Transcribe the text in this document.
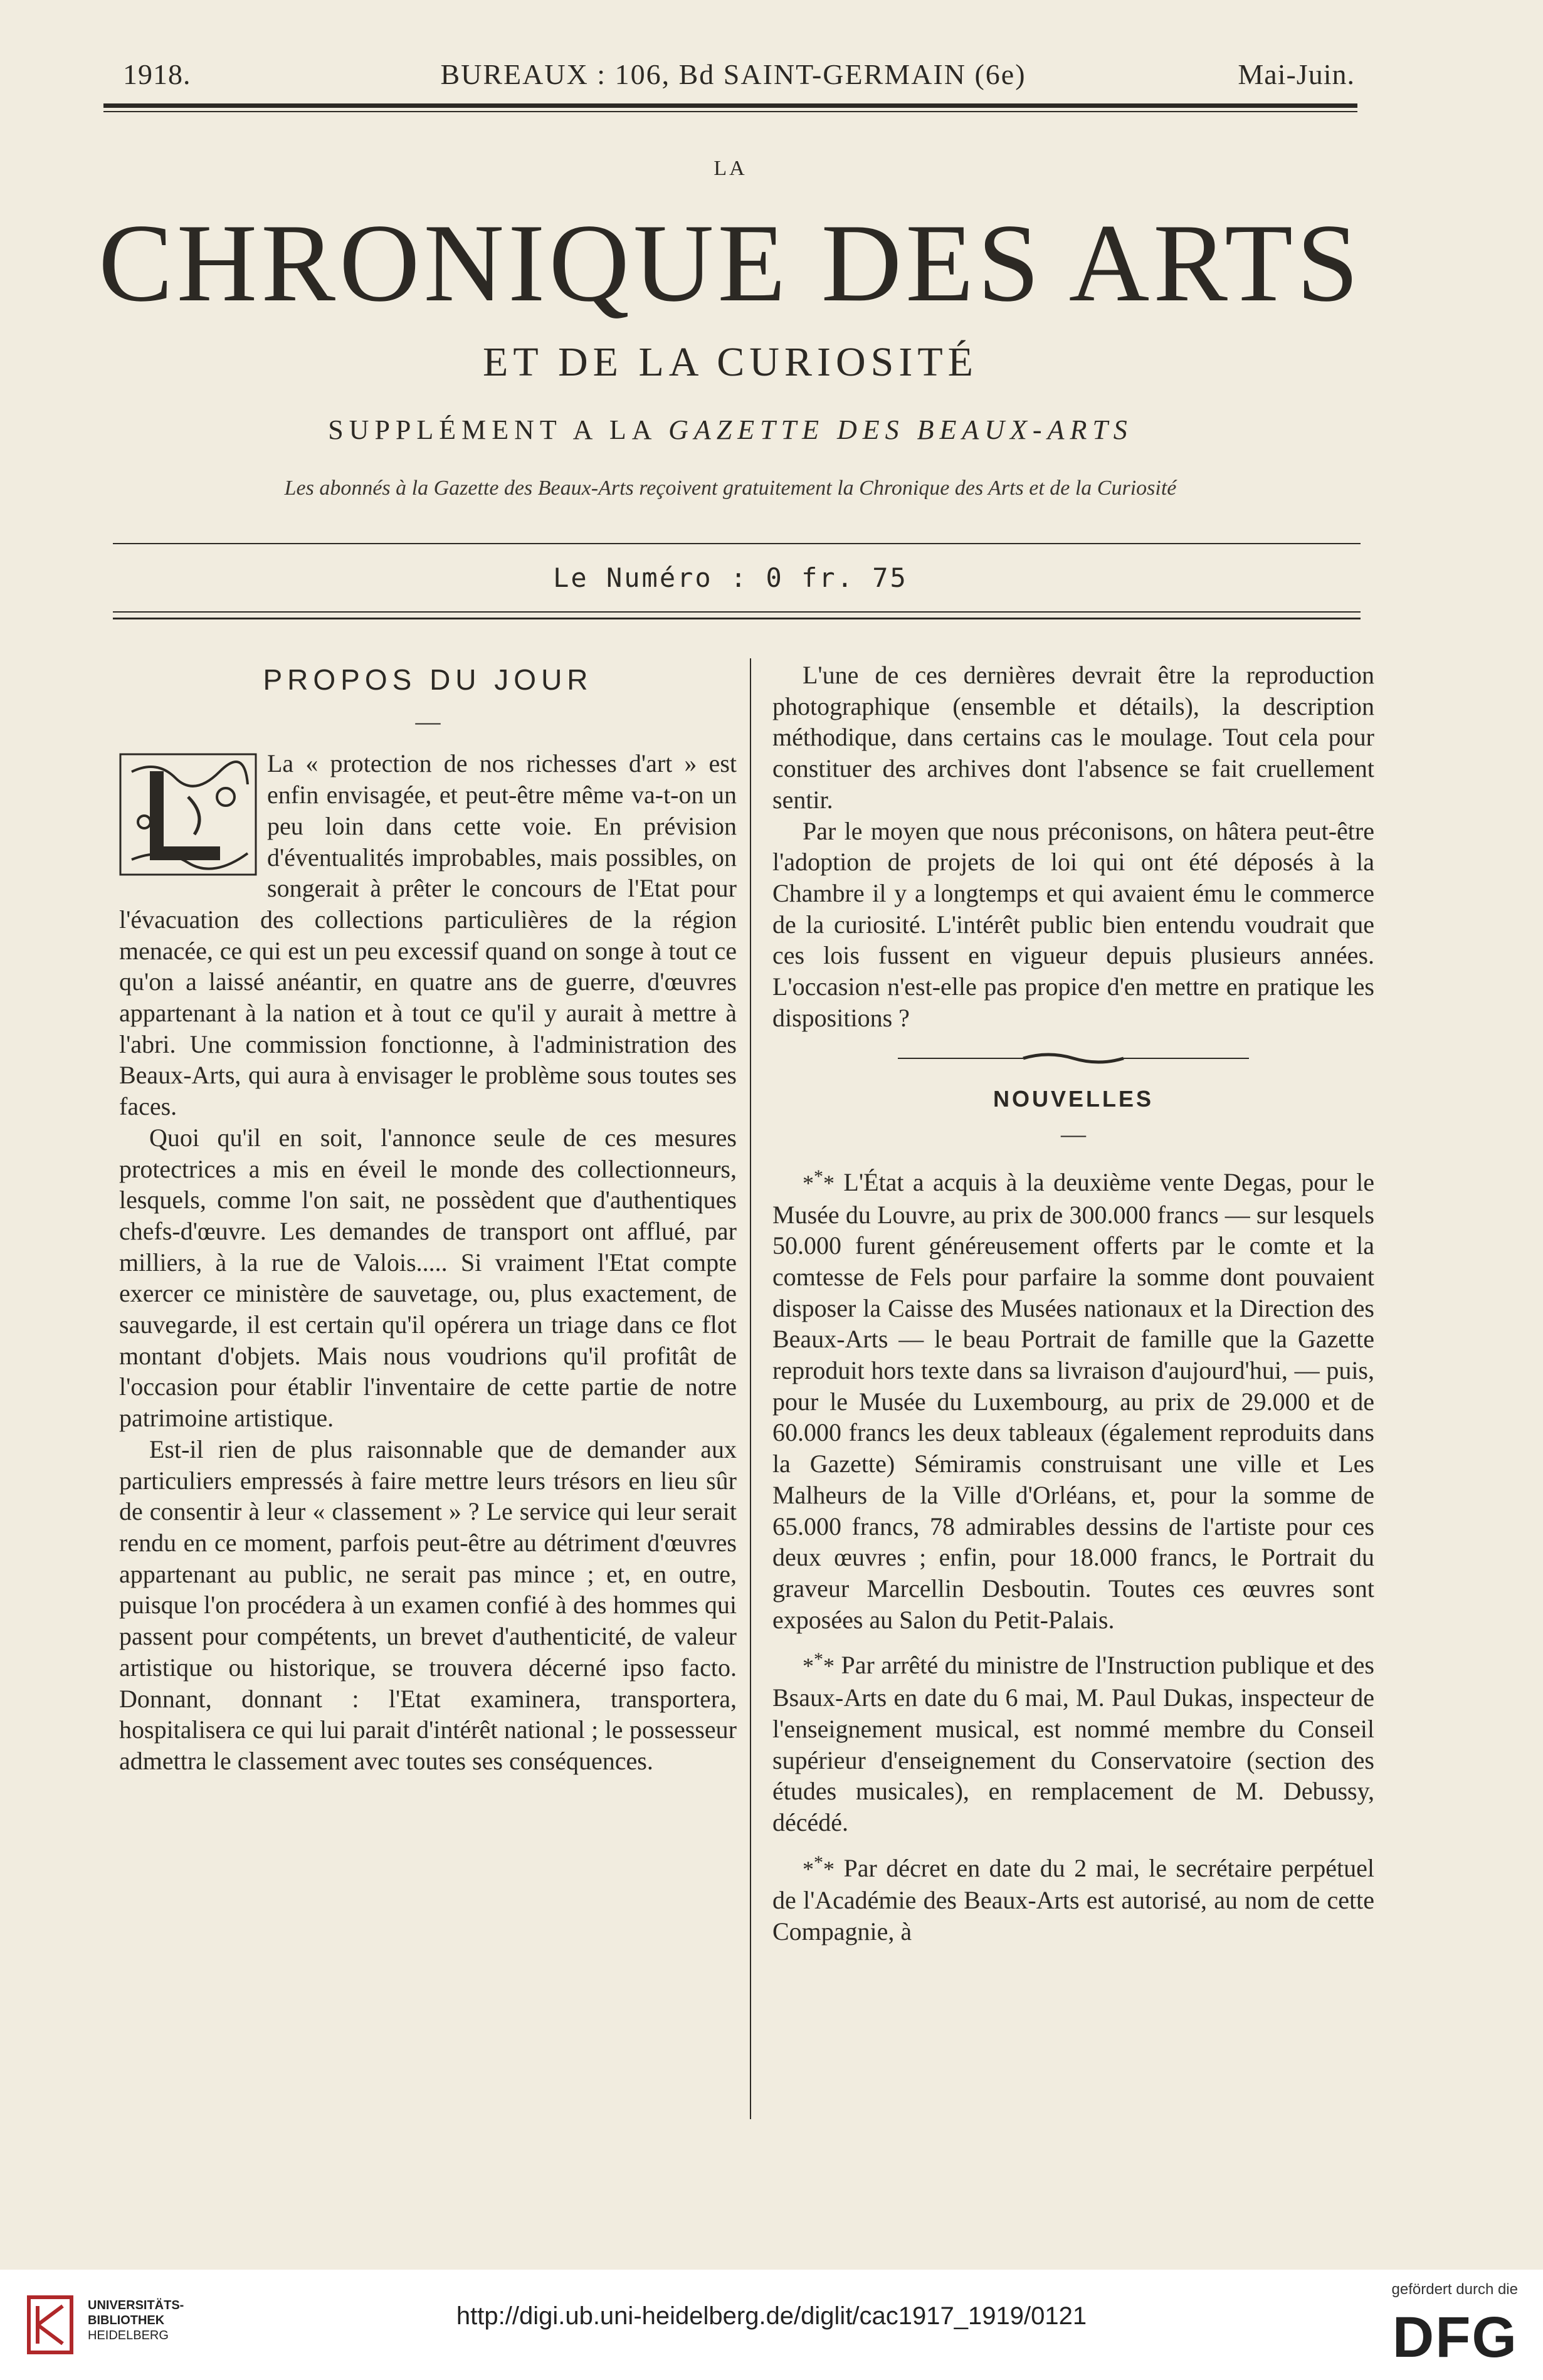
1918.	BUREAUX : 106, Bd SAINT-GERMAIN (6e)	Mai-Juin.
LA
CHRONIQUE DES ARTS
ET DE LA CURIOSITÉ
SUPPLÉMENT A LA GAZETTE DES BEAUX-ARTS
Les abonnés à la Gazette des Beaux-Arts reçoivent gratuitement la Chronique des Arts et de la Curiosité
Le Numéro : 0 fr. 75
PROPOS DU JOUR
—

La « protection de nos richesses d'art » est enfin envisagée, et peut-être même va-t-on un peu loin dans cette voie. En prévision d'éventualités improbables, mais possibles, on songerait à prêter le concours de l'Etat pour l'évacuation des collections particulières de la région menacée, ce qui est un peu excessif quand on songe à tout ce qu'on a laissé anéantir, en quatre ans de guerre, d'œuvres appartenant à la nation et à tout ce qu'il y aurait à mettre à l'abri. Une commission fonctionne, à l'administration des Beaux-Arts, qui aura à envisager le problème sous toutes ses faces.

Quoi qu'il en soit, l'annonce seule de ces mesures protectrices a mis en éveil le monde des collectionneurs, lesquels, comme l'on sait, ne possèdent que d'authentiques chefs-d'œuvre. Les demandes de transport ont afflué, par milliers, à la rue de Valois..... Si vraiment l'Etat compte exercer ce ministère de sauvetage, ou, plus exactement, de sauvegarde, il est certain qu'il opérera un triage dans ce flot montant d'objets. Mais nous voudrions qu'il profitât de l'occasion pour établir l'inventaire de cette partie de notre patrimoine artistique.

Est-il rien de plus raisonnable que de demander aux particuliers empressés à faire mettre leurs trésors en lieu sûr de consentir à leur « classement » ? Le service qui leur serait rendu en ce moment, parfois peut-être au détriment d'œuvres appartenant au public, ne serait pas mince ; et, en outre, puisque l'on procédera à un examen confié à des hommes qui passent pour compétents, un brevet d'authenticité, de valeur artistique ou historique, se trouvera décerné ipso facto. Donnant, donnant : l'Etat examinera, transportera, hospitalisera ce qui lui parait d'intérêt national ; le possesseur admettra le classement avec toutes ses conséquences.

L'une de ces dernières devrait être la reproduction photographique (ensemble et détails), la description méthodique, dans certains cas le moulage. Tout cela pour constituer des archives dont l'absence se fait cruellement sentir.

Par le moyen que nous préconisons, on hâtera peut-être l'adoption de projets de loi qui ont été déposés à la Chambre il y a longtemps et qui avaient ému le commerce de la curiosité. L'intérêt public bien entendu voudrait que ces lois fussent en vigueur depuis plusieurs années. L'occasion n'est-elle pas propice d'en mettre en pratique les dispositions ?

NOUVELLES
—

*** L'État a acquis à la deuxième vente Degas, pour le Musée du Louvre, au prix de 300.000 francs — sur lesquels 50.000 furent généreusement offerts par le comte et la comtesse de Fels pour parfaire la somme dont pouvaient disposer la Caisse des Musées nationaux et la Direction des Beaux-Arts — le beau Portrait de famille que la Gazette reproduit hors texte dans sa livraison d'aujourd'hui, — puis, pour le Musée du Luxembourg, au prix de 29.000 et de 60.000 francs les deux tableaux (également reproduits dans la Gazette) Sémiramis construisant une ville et Les Malheurs de la Ville d'Orléans, et, pour la somme de 65.000 francs, 78 admirables dessins de l'artiste pour ces deux œuvres ; enfin, pour 18.000 francs, le Portrait du graveur Marcellin Desboutin. Toutes ces œuvres sont exposées au Salon du Petit-Palais.

*** Par arrêté du ministre de l'Instruction publique et des Bsaux-Arts en date du 6 mai, M. Paul Dukas, inspecteur de l'enseignement musical, est nommé membre du Conseil supérieur d'enseignement du Conservatoire (section des études musicales), en remplacement de M. Debussy, décédé.

*** Par décret en date du 2 mai, le secrétaire perpétuel de l'Académie des Beaux-Arts est autorisé, au nom de cette Compagnie, à

UNIVERSITÄTS-
BIBLIOTHEK
HEIDELBERG
http://digi.ub.uni-heidelberg.de/diglit/cac1917_1919/0121
gefördert durch die
DFG
